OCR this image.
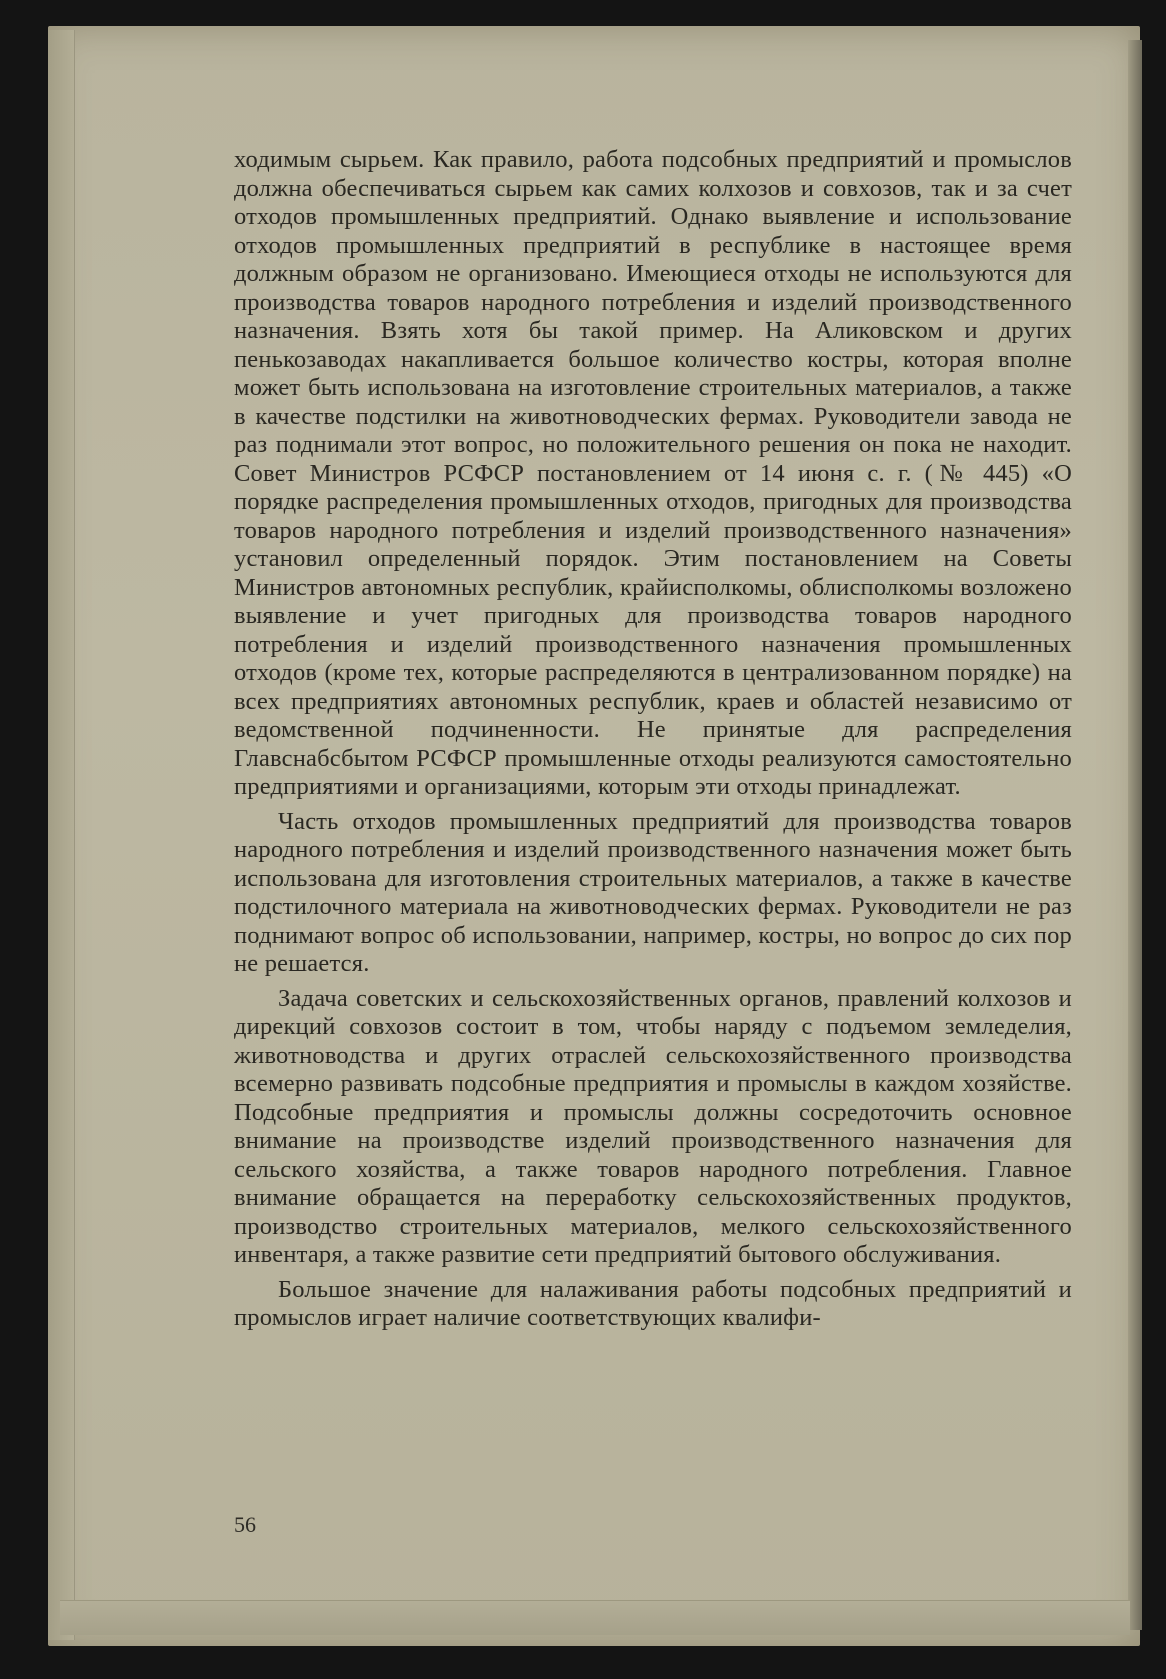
ходимым сырьем. Как правило, работа подсобных предприятий и промыслов должна обеспечиваться сырьем как самих колхозов и совхозов, так и за счет отходов промышленных предприятий. Однако выявление и использование отходов промышленных предприятий в республике в настоящее время должным образом не организовано. Имеющиеся отходы не используются для производства товаров народного потребления и изделий производственного назначения. Взять хотя бы такой пример. На Аликовском и других пенькозаводах накапливается большое количество костры, которая вполне может быть использована на изготовление строительных материалов, а также в качестве подстилки на животноводческих фермах. Руководители завода не раз поднимали этот вопрос, но положительного решения он пока не находит. Совет Министров РСФСР постановлением от 14 июня с. г. (№ 445) «О порядке распределения промышленных отходов, пригодных для производства товаров народного потребления и изделий производственного назначения» установил определенный порядок. Этим постановлением на Советы Министров автономных республик, крайисполкомы, облисполкомы возложено выявление и учет пригодных для производства товаров народного потребления и изделий производственного назначения промышленных отходов (кроме тех, которые распределяются в централизованном порядке) на всех предприятиях автономных республик, краев и областей независимо от ведомственной подчиненности. Не принятые для распределения Главснабсбытом РСФСР промышленные отходы реализуются самостоятельно предприятиями и организациями, которым эти отходы принадлежат.

Часть отходов промышленных предприятий для производства товаров народного потребления и изделий производственного назначения может быть использована для изготовления строительных материалов, а также в качестве подстилочного материала на животноводческих фермах. Руководители не раз поднимают вопрос об использовании, например, костры, но вопрос до сих пор не решается.

Задача советских и сельскохозяйственных органов, правлений колхозов и дирекций совхозов состоит в том, чтобы наряду с подъемом земледелия, животноводства и других отраслей сельскохозяйственного производства всемерно развивать подсобные предприятия и промыслы в каждом хозяйстве. Подсобные предприятия и промыслы должны сосредоточить основное внимание на производстве изделий производственного назначения для сельского хозяйства, а также товаров народного потребления. Главное внимание обращается на переработку сельскохозяйственных продуктов, производство строительных материалов, мелкого сельскохозяйственного инвентаря, а также развитие сети предприятий бытового обслуживания.

Большое значение для налаживания работы подсобных предприятий и промыслов играет наличие соответствующих квалифи-

56
